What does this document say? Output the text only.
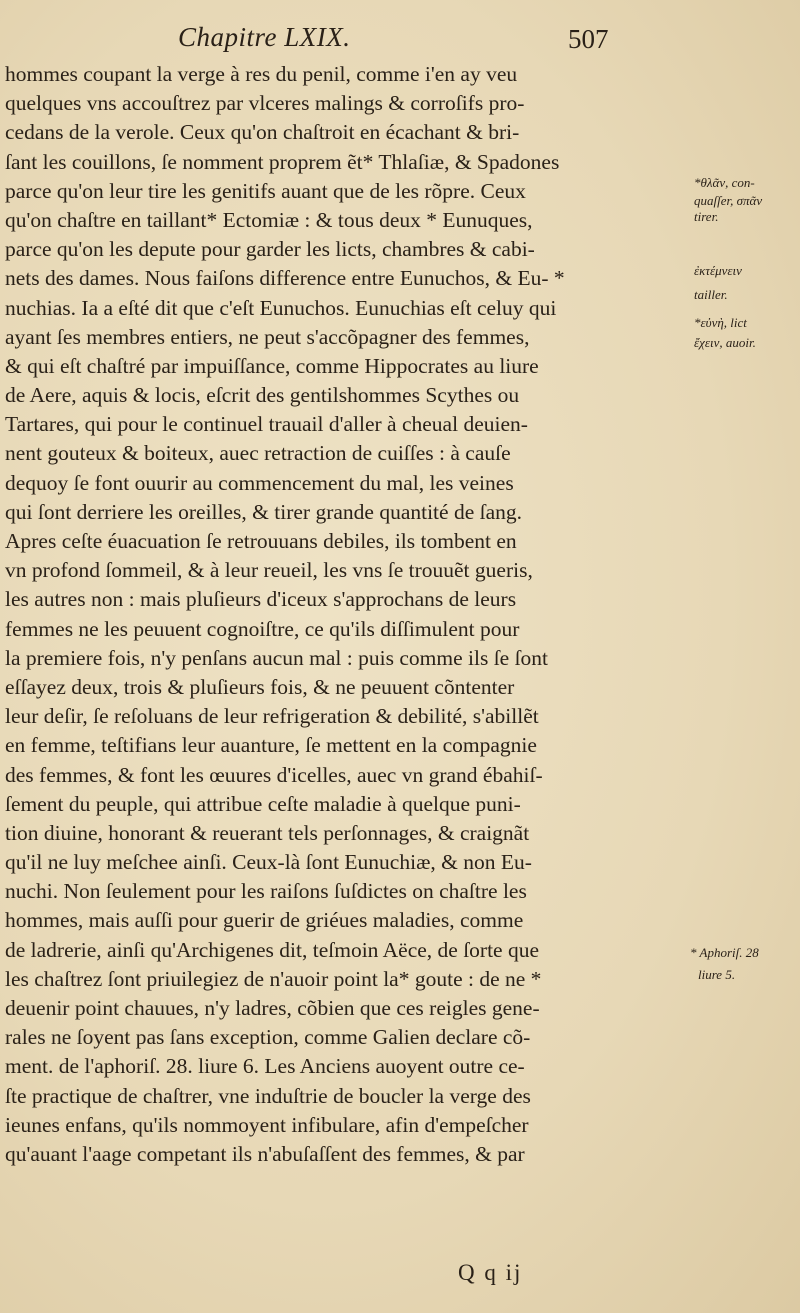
Chapitre LXIX.	507
hommes coupant la verge à res du penil, comme i'en ay veu
quelques vns accouſtrez par vlceres malings & corroſifs pro-
cedans de la verole. Ceux qu'on chaſtroit en écachant & bri-
ſant les couillons, ſe nomment proprem ẽt* Thlaſiæ, & Spadones
parce qu'on leur tire les genitifs auant que de les rõpre. Ceux
qu'on chaſtre en taillant* Ectomiæ : & tous deux * Eunuques,
parce qu'on les depute pour garder les licts, chambres & cabi-
nets des dames. Nous faiſons difference entre Eunuchos, & Eu- *
nuchias. Ia a eſté dit que c'eſt Eunuchos. Eunuchias eſt celuy qui
ayant ſes membres entiers, ne peut s'accõpagner des femmes,
& qui eſt chaſtré par impuiſſance, comme Hippocrates au liure
de Aere, aquis & locis, eſcrit des gentilshommes Scythes ou
Tartares, qui pour le continuel trauail d'aller à cheual deuien-
nent gouteux & boiteux, auec retraction de cuiſſes : à cauſe
dequoy ſe font ouurir au commencement du mal, les veines
qui ſont derriere les oreilles, & tirer grande quantité de ſang.
Apres ceſte éuacuation ſe retrouuans debiles, ils tombent en
vn profond ſommeil, & à leur reueil, les vns ſe trouuẽt gueris,
les autres non : mais pluſieurs d'iceux s'approchans de leurs
femmes ne les peuuent cognoiſtre, ce qu'ils diſſimulent pour
la premiere fois, n'y penſans aucun mal : puis comme ils ſe ſont
eſſayez deux, trois & pluſieurs fois, & ne peuuent cõntenter
leur deſir, ſe reſoluans de leur refrigeration & debilité, s'abillẽt
en femme, teſtifians leur auanture, ſe mettent en la compagnie
des femmes, & font les œuures d'icelles, auec vn grand ébahiſ-
ſement du peuple, qui attribue ceſte maladie à quelque puni-
tion diuine, honorant & reuerant tels perſonnages, & craignãt
qu'il ne luy meſchee ainſi. Ceux-là ſont Eunuchiæ, & non Eu-
nuchi. Non ſeulement pour les raiſons ſuſdictes on chaſtre les
hommes, mais auſſi pour guerir de griéues maladies, comme
de ladrerie, ainſi qu'Archigenes dit, teſmoin Aëce, de ſorte que
les chaſtrez ſont priuilegiez de n'auoir point la* goute : de ne *
deuenir point chauues, n'y ladres, cõbien que ces reigles gene-
rales ne ſoyent pas ſans exception, comme Galien declare cõ-
ment. de l'aphoriſ. 28. liure 6. Les Anciens auoyent outre ce-
ſte practique de chaſtrer, vne induſtrie de boucler la verge des
ieunes enfans, qu'ils nommoyent infibulare, afin d'empeſcher
qu'auant l'aage competant ils n'abuſaſſent des femmes, & par
*θλᾶν, con-
quaſſer, σπᾶν
tirer.
ἐκτέμνειν
tailler.
*εὐνὴ, lict
ἔχειν, auoir.
* Aphoriſ. 28
liure 5.
Q q ij
